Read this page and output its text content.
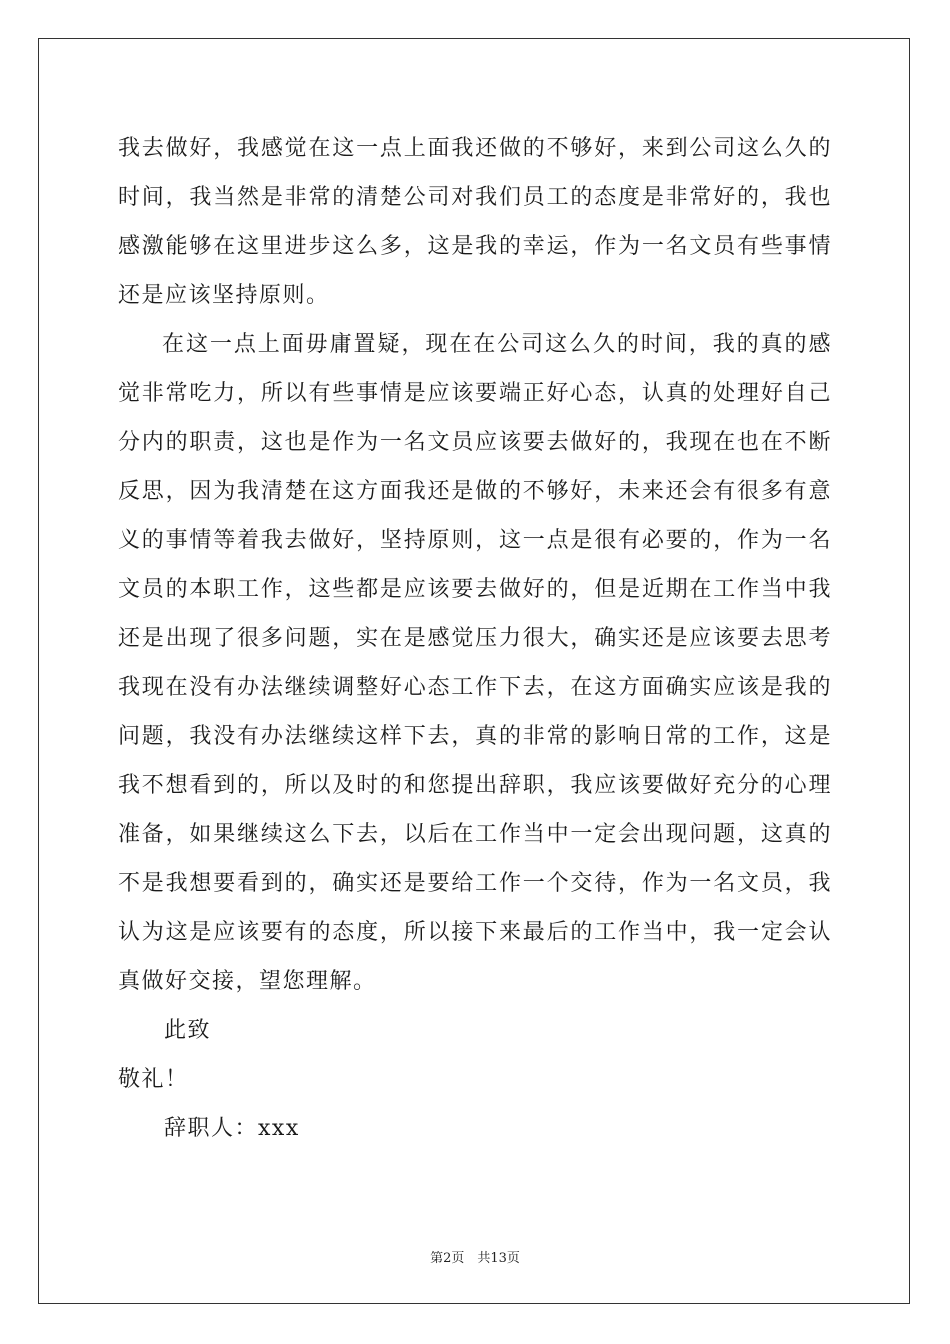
我去做好，我感觉在这一点上面我还做的不够好，来到公司这么久的时间，我当然是非常的清楚公司对我们员工的态度是非常好的，我也感激能够在这里进步这么多，这是我的幸运，作为一名文员有些事情还是应该坚持原则。

在这一点上面毋庸置疑，现在在公司这么久的时间，我的真的感觉非常吃力，所以有些事情是应该要端正好心态，认真的处理好自己分内的职责，这也是作为一名文员应该要去做好的，我现在也在不断反思，因为我清楚在这方面我还是做的不够好，未来还会有很多有意义的事情等着我去做好，坚持原则，这一点是很有必要的，作为一名文员的本职工作，这些都是应该要去做好的，但是近期在工作当中我还是出现了很多问题，实在是感觉压力很大，确实还是应该要去思考我现在没有办法继续调整好心态工作下去，在这方面确实应该是我的问题，我没有办法继续这样下去，真的非常的影响日常的工作，这是我不想看到的，所以及时的和您提出辞职，我应该要做好充分的心理准备，如果继续这么下去，以后在工作当中一定会出现问题，这真的不是我想要看到的，确实还是要给工作一个交待，作为一名文员，我认为这是应该要有的态度，所以接下来最后的工作当中，我一定会认真做好交接，望您理解。

此致

敬礼！

辞职人：xxx

第2页　共13页
